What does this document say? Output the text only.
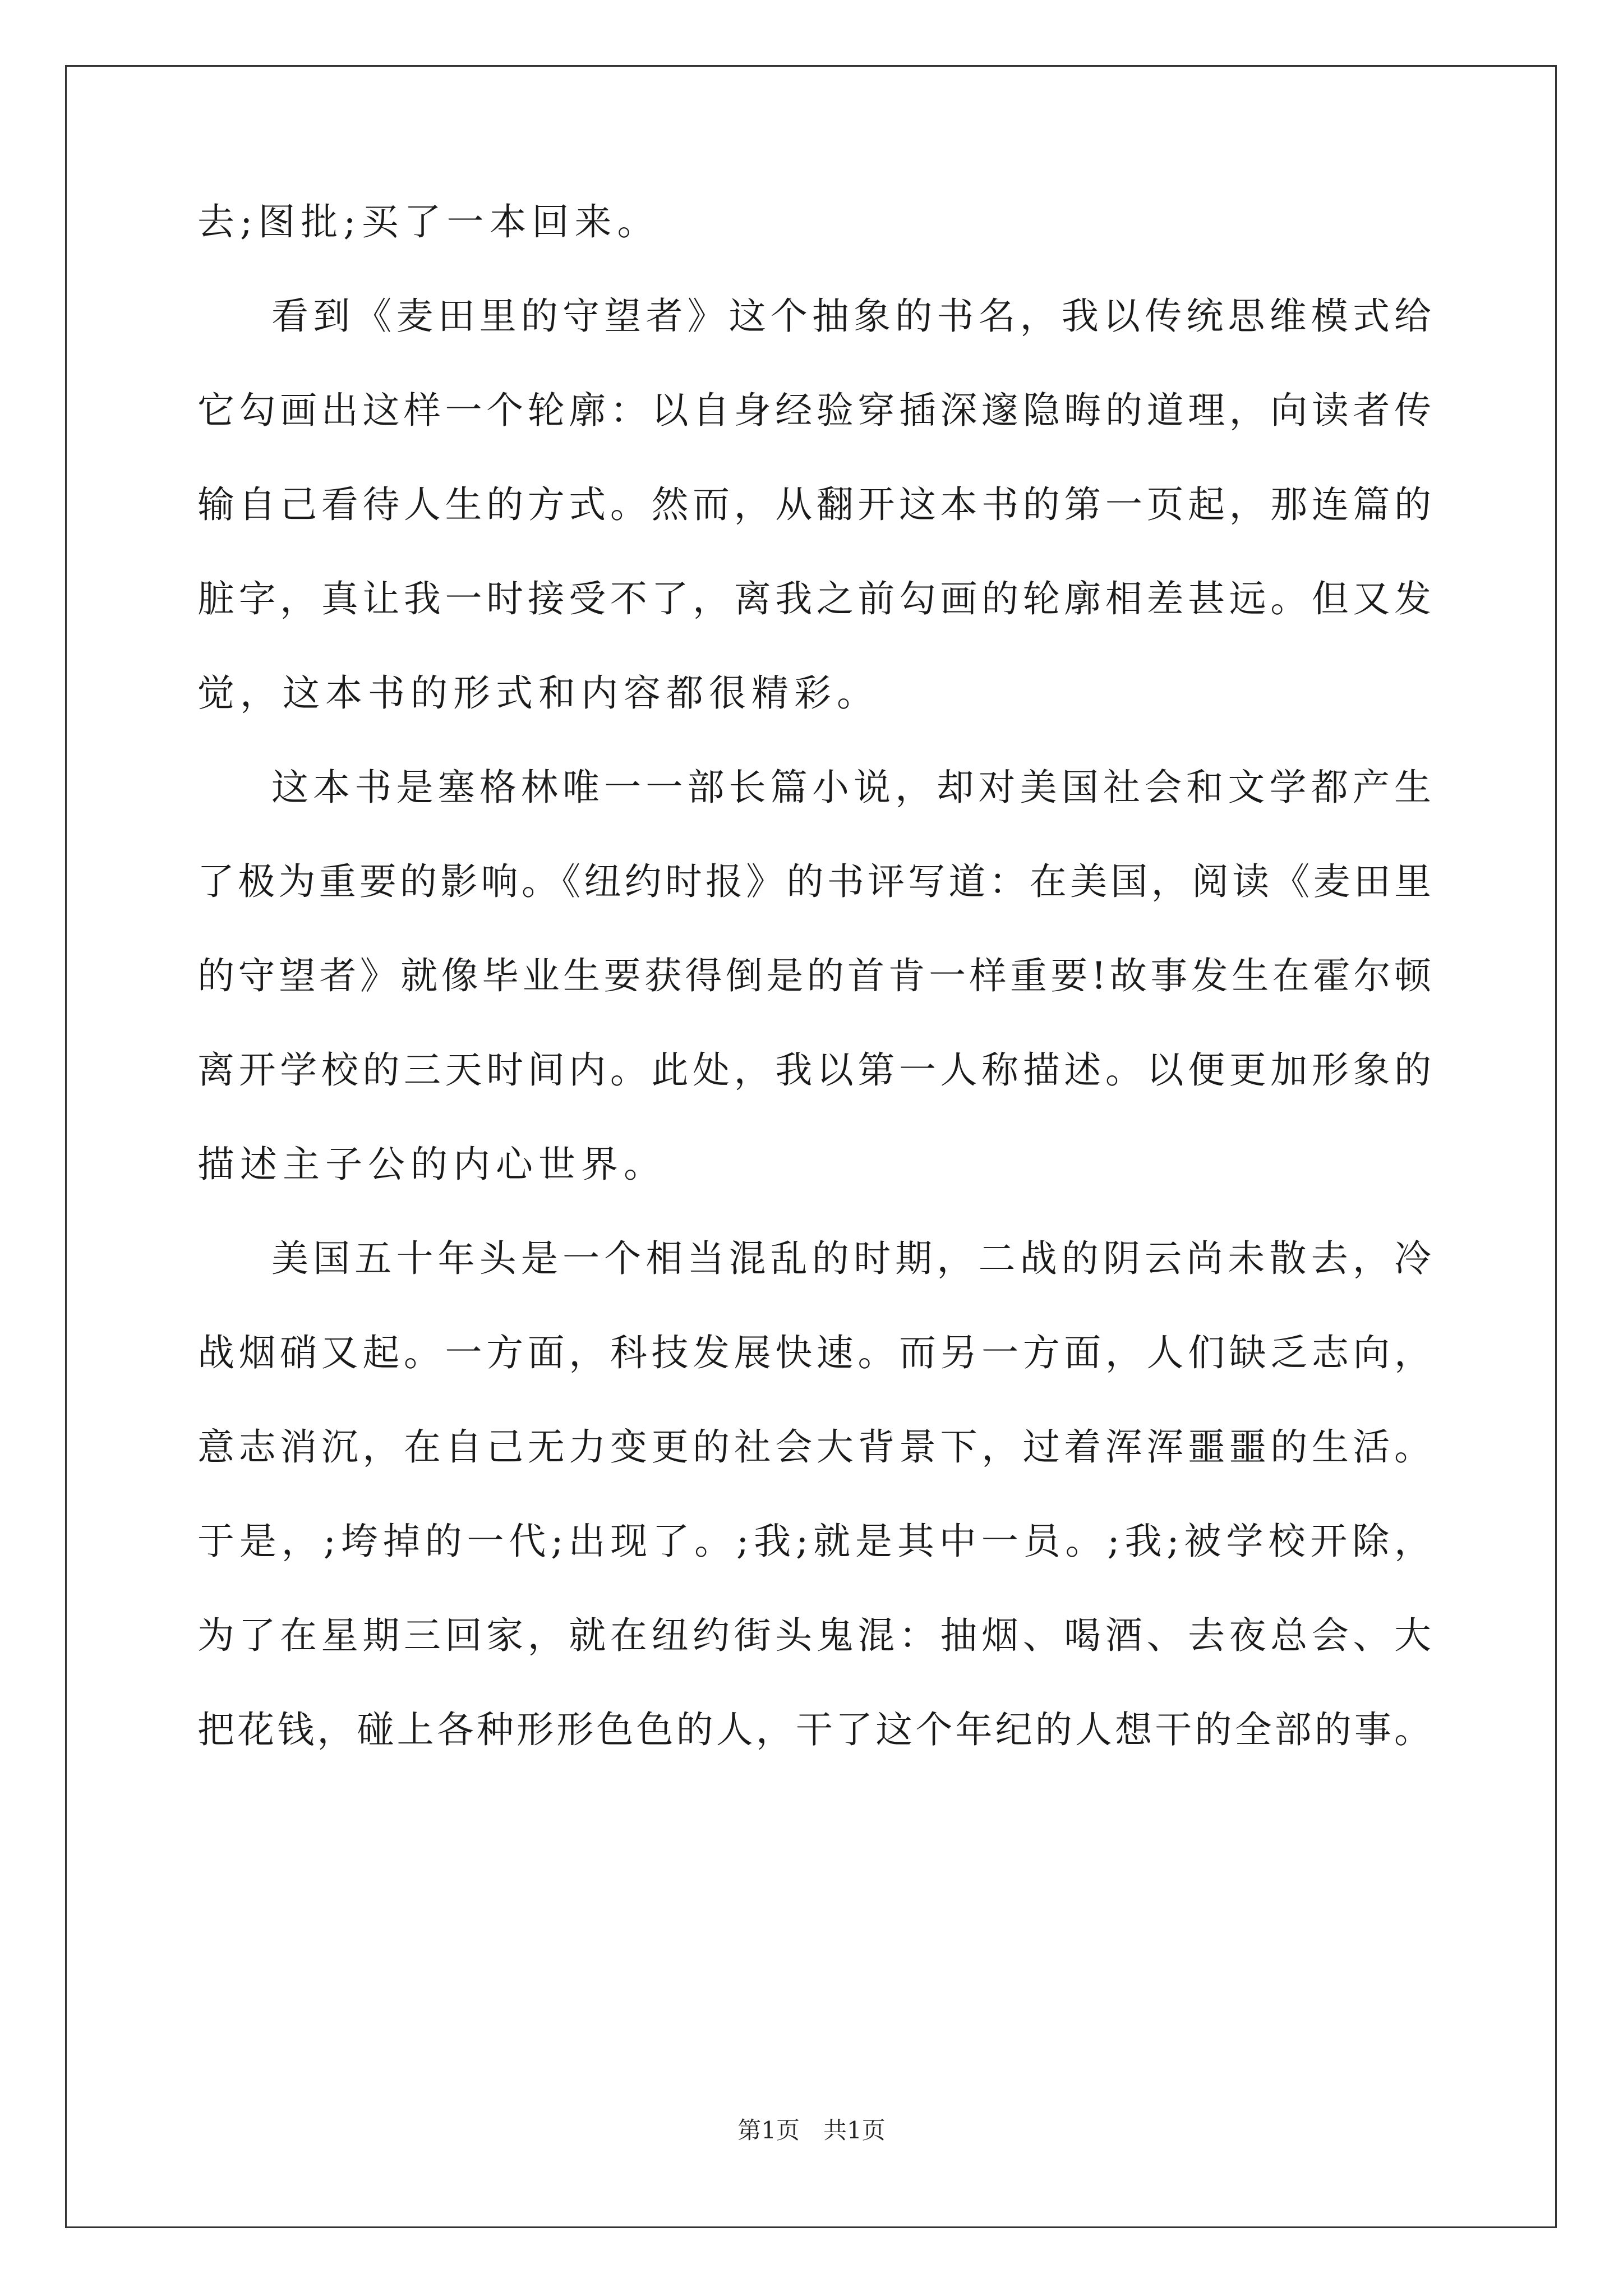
去;图批;买了一本回来。
看到《麦田里的守望者》这个抽象的书名，我以传统思维模式给
它勾画出这样一个轮廓：以自身经验穿插深邃隐晦的道理，向读者传
输自己看待人生的方式。然而，从翻开这本书的第一页起，那连篇的
脏字，真让我一时接受不了，离我之前勾画的轮廓相差甚远。但又发
觉，这本书的形式和内容都很精彩。
这本书是塞格林唯一一部长篇小说，却对美国社会和文学都产生
了极为重要的影响。《纽约时报》的书评写道：在美国，阅读《麦田里
的守望者》就像毕业生要获得倒是的首肯一样重要!故事发生在霍尔顿
离开学校的三天时间内。此处，我以第一人称描述。以便更加形象的
描述主子公的内心世界。
美国五十年头是一个相当混乱的时期，二战的阴云尚未散去，冷
战烟硝又起。一方面，科技发展快速。而另一方面，人们缺乏志向，
意志消沉，在自己无力变更的社会大背景下，过着浑浑噩噩的生活。
于是，;垮掉的一代;出现了。;我;就是其中一员。;我;被学校开除，
为了在星期三回家，就在纽约街头鬼混：抽烟、喝酒、去夜总会、大
把花钱，碰上各种形形色色的人，干了这个年纪的人想干的全部的事。
第1页　共1页
